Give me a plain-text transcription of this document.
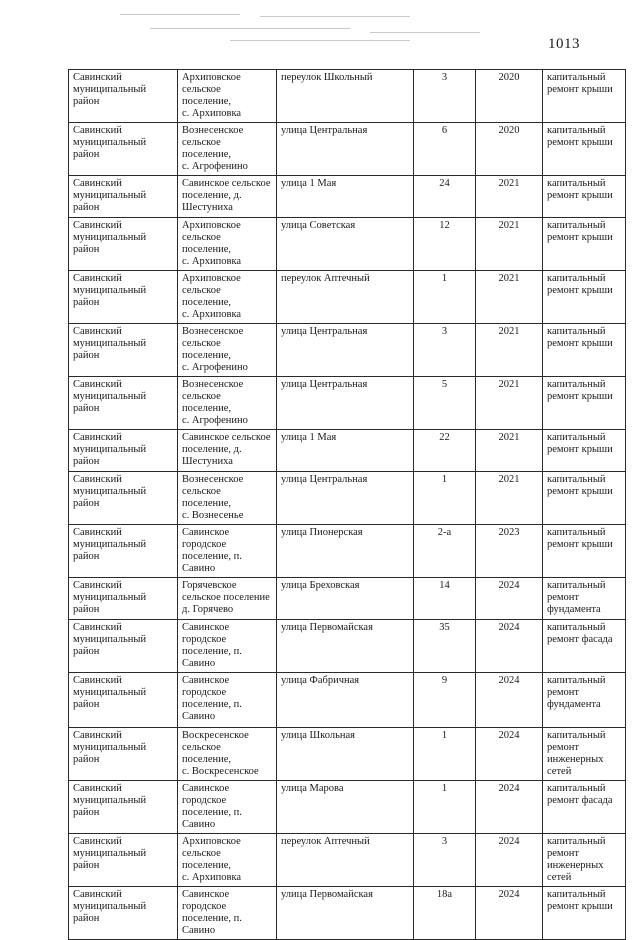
1013
Савинский
муниципальный
район	Архиповское
сельское поселение,
с. Архиповка	переулок Школьный	3	2020	капитальный
ремонт крыши

Савинский
муниципальный
район	Вознесенское
сельское поселение,
с. Агрофенино	улица Центральная	6	2020	капитальный
ремонт крыши

Савинский
муниципальный
район	Савинское сельское
поселение, д.
Шестуниха	улица 1 Мая	24	2021	капитальный
ремонт крыши

Савинский
муниципальный
район	Архиповское
сельское поселение,
с. Архиповка	улица Советская	12	2021	капитальный
ремонт крыши

Савинский
муниципальный
район	Архиповское
сельское поселение,
с. Архиповка	переулок Аптечный	1	2021	капитальный
ремонт крыши

Савинский
муниципальный
район	Вознесенское
сельское поселение,
с. Агрофенино	улица Центральная	3	2021	капитальный
ремонт крыши

Савинский
муниципальный
район	Вознесенское
сельское поселение,
с. Агрофенино	улица Центральная	5	2021	капитальный
ремонт крыши

Савинский
муниципальный
район	Савинское сельское
поселение, д.
Шестуниха	улица 1 Мая	22	2021	капитальный
ремонт крыши

Савинский
муниципальный
район	Вознесенское
сельское поселение,
с. Вознесенье	улица Центральная	1	2021	капитальный
ремонт крыши

Савинский
муниципальный
район	Савинское
городское
поселение, п.
Савино	улица Пионерская	2-а	2023	капитальный
ремонт крыши

Савинский
муниципальный
район	Горячевское
сельское поселение
д. Горячево	улица Бреховская	14	2024	капитальный
ремонт
фундамента

Савинский
муниципальный
район	Савинское
городское
поселение, п.
Савино	улица Первомайская	35	2024	капитальный
ремонт фасада

Савинский
муниципальный
район	Савинское
городское
поселение, п.
Савино	улица Фабричная	9	2024	капитальный
ремонт
фундамента

Савинский
муниципальный
район	Воскресенское
сельское поселение,
с. Воскресенское	улица Школьная	1	2024	капитальный
ремонт
инженерных
сетей

Савинский
муниципальный
район	Савинское
городское
поселение, п.
Савино	улица Марова	1	2024	капитальный
ремонт фасада

Савинский
муниципальный
район	Архиповское
сельское поселение,
с. Архиповка	переулок Аптечный	3	2024	капитальный
ремонт
инженерных
сетей

Савинский
муниципальный
район	Савинское
городское
поселение, п.
Савино	улица Первомайская	18а	2024	капитальный
ремонт крыши
